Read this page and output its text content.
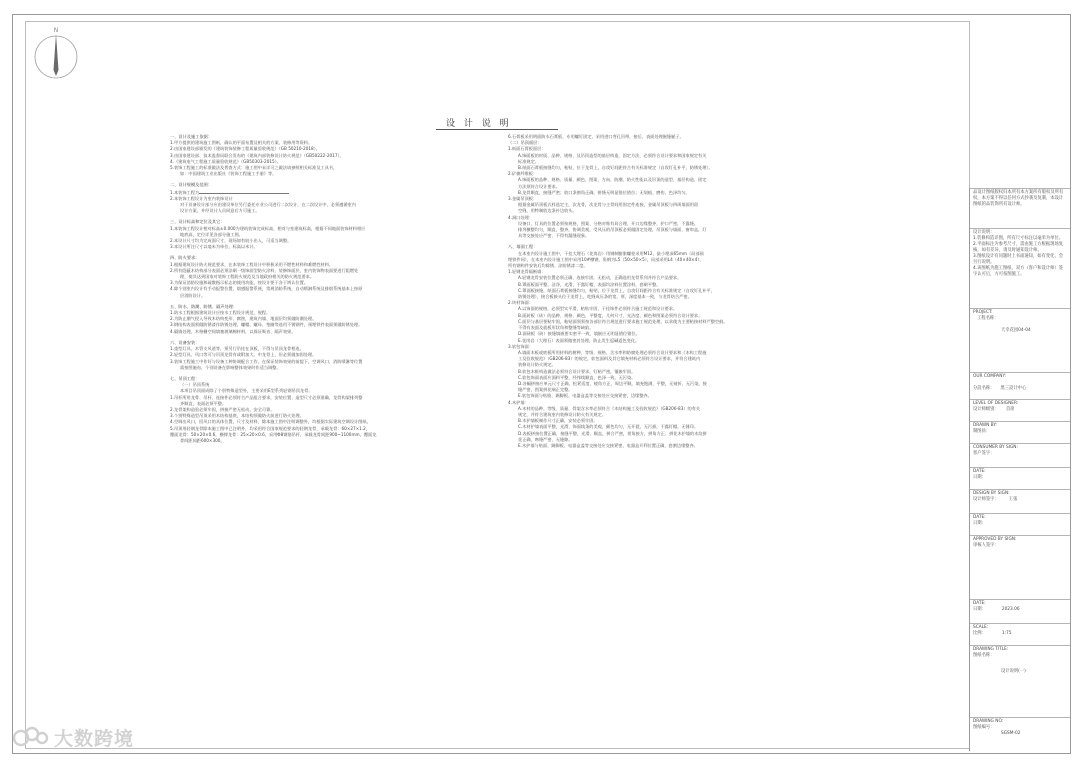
N
设 计 说 明
一、设计及施工依据：
1.甲方提供的建筑施工图纸，确认的平面布置及相关的方案、装修用等资料。
2.由国家建设部颁发的《建筑装饰装修工程质量验收规范》（GB 50210-2018）。
3.由国家建设部、技术监督局联合发布的《建筑内部装修设计防火规范》（GB50222-2017）。
4.《建筑电气工程施工质量验收规范》（GB50303-2015）。
5.装饰工程施工的标准做法及普查方式：施工图中未详可之做法请参照相关标准及工具书，
如：中国建筑工业出版社《装饰工程施工手册》等。
二、设计规模及范围：
1.本装饰工程为
2.本装饰工程设计为室内装饰设计
对于设备设计部分应由建设单位另行委托专业公司进行二次设计，在二次设计中，必须遵循室内
设计方案，并经设计人员同意后方可施工。
三、设计标高和定位及其它：
1.本装饰工程设计相对标高±0.000为建筑装饰完成标高，相对与室建筑标高，根据不同地面装饰材料相应
地底高，定位详见各部分施工图。
2.本设计尺寸均为完成面尺寸，现场如有较小出入，可适当调整。
3.本设计所注尺寸以毫米为单位，标高以米计。
四、防火要求：
1.根据建筑设计防火规范要求，在本装饰工程设计中积极采用不燃性材料和难燃性材料。
2.所有隐蔽木结构部分表面必须涂刷一级饰面型防火涂料，装修饰面层，室内装饰物表面要进行阻燃处
理，使其达到国家对装饰工程防火规范及当地政府相关的防火规范要求。
3.为保证消防设施和疏散指示标志的使用功能，按设计要于各于辨认位置。
4.除个别室内设计有手动报警位置，烟感报警系统，常规消防系统，自动喷淋系统及排烟系统基本上按原
层消防设计。
五、防水、防潮、防锈、隔声处理：
1.防水工程根据建筑设计应按水工程设计规范、规程。
2.为防止潮气侵入导致木结构变形、腐蚀，建筑内墙、地面层均须做防潮处理。
3.钢结构表面须做防锈漆作防锈处理，螺帽、螺母、垫圈等选用不锈钢件，预埋铁件表面须做防锈处理。
4.隔墙处理，木格栅空间填塞玻璃棉材料，以保证吸音、隔声效果。
六、设备安装：
1.重型灯具、木管支风道等，须另行吊挂在顶板，不得与吊顶龙骨相连。
2.轻型灯具、风口等可与吊顶龙骨有或附加大、中龙骨上，但必须做加固处理。
3.装饰工程施工中作好与设备工种协调配合工作，在保证装饰效果的前提下，空调风口、消防喷淋等位置
需按图施布，个别设备在影响整体效果时作适当调整。
七、吊顶工程：
（一）吊顶系统
本项目吊顶面成除了个别特殊造型外，主要采用E型系列轻钢吊顶龙骨。
1.吊杆所用龙骨、吊杆、连接件必须符合产品组合要求，安装位置、造型尺寸必须准确，龙骨构架排列整
齐顺直，表面必须平整。
2.龙骨架构造验必须牢固，拼接严密无松动，安全可靠。
3.个别特殊造型吊顶采用木结构基底，本结构须做防火前进行防火处理。
4.空调出风口，回风口的具体位置、尺寸及材料，除本施工图中注明调整外，均根据实际建筑空调设计图纸。
5.吊顶用轻钢龙骨除本施工图中已注明外，均采用符合国家规范要求的轻钢龙骨，承载龙骨：60×27×1.2，
覆面龙骨：50×20×0.6，横撑龙骨：25×20×0.6，采用Φ8钢筋吊杆，承载龙骨间距900~1100mm，覆面龙
骨间距间距600×300。
6.石膏板采用明面防水石膏板，专用螺钉固定，采用进口弯孔吊带，接后，表面处理嵌缝腻子。
（二）吊顶面层：
1.纸面石膏板面层：
A.饰面板的材质、品种、规格、及吊顶造型的基层构造，固定方法，必须符合设计要求和国家规定有关
标准规定。
B.纸面石膏板接缝均匀，粘贴，位于龙骨上，自攻钉间距符合有关标准规定（自攻钉孔补平，防锈处理）。
2.矿棉纤维板：
A.饰面板的品种、规格、质量、颜色、图案、方向、防潮、防火性能以及吊顶的造型、基层构造，固定
方法须符合设计要求。
B.龙骨顺直，接缝严密；收口条割角正确，拼缝无明显错位错位；无划痕、磨伤、色泽均匀。
3.金属吊顶板：
根据金属吊顶板式样选定主，次龙骨，次龙骨与主骨间用固定件连接，金属吊顶板与四周墙面用留
空缝，用特制收边条补边收头。
4.洞口处理：
设备口，灯具的位置必须按规格，图案、分格对称有局合理，开口边缘整齐，护口严密，不露缝。
排列横整均匀，顺直，整齐，协调美观，受风压的吊顶板必须做固定处理，吊顶板与墙面、窗帘盒，灯
具等交接处应严密，不得有漏缝现象。
八、墙面工程：
在本室内设计施工图中，干挂大理石（花岗岩）用钢制膨胀螺栓采用M12，最小埋深65mm（局部预
埋铁件同），在本室内设计施工图中采用10#槽钢，角钢为L5（50×50×5），局部采用L4（40×40×4），
所有钢构件安装后均除锈、涂防锈漆二度。
1.轻钢龙骨隔断墙：
A.轻钢龙骨安装位置必须正确，连接牢固，无松动，正确选用龙骨系列并符合产品要求。
B.罩面板面平整，洁净，光滑，不露钉帽，表面均涂料位置涂料，套刷平整。
C.罩面板接缝，纸面石膏板接缝均匀，粘贴，位于龙骨上，自攻钉间距符合有关标准规定（自攻钉孔补平，
防锈处理），接合板接头位于龙骨上，吃缝成压条的宽，厚，深度基本一致，与龙骨结合严密。
2.块材饰面：
A.以饰面的规格，必须型实平滑，粘贴牢固，干挂饰件必须符合施工规范和设计要求。
B.面砖板（砖）的品种、规格、颜色，平整度，几何尺寸，光洁度，颜色和图案必须符合设计要求。
C.面层与基层要粘牢固，粘贴面须须按各部位符合规范进行要求施工规范处理，以求使为主要粘接材料严整空鼓。
不得有表面及就板形状角和整缝等缺陷。
D.面砖板（砖）接缝填嵌要实密平一致，填嵌应无明显错位错位。
E.花岗岩（大理石）表面须做密封处理，防止发生返碱返色变化。
3.软包饰面：
A.墙面木板或底板所用材料的树种、等级、规格、含水率和防腐处理必须符合设计要求和《木构工程施
工及验收规范》（GB206-83）的规定，软包面料及其它填充材料必须符合设计要求，并符合建筑内
装修设计防火规定。
B.软包木框构造做法必须符合设计要求，钉粘严密，镶嵌牢固。
C.软包饰面表面应面料平整，经纬线顺直，色泽一致，无污染。
D.各幅拼接应单元尺寸正确，松紧适度，棱角方正，周边平顺，填充饱满，平整，无皱折，无污染，接
缝严密，图案拼花端正完整。
E.软包饰面与贴脸、踢脚板、电器盒盖等交接处应交接紧密，边缘整齐。
4.木护墙：
A.木材的品种、等级、质量、骨架含水率必须符合《木结构施工及验收规范》（GB206-83）的有关
规定，并符合建筑室内装修设计防火有关规定。
B.木护墙板制作尺寸正确，安装必须牢固。
C.木材护墙表面平整，光滑、饰面线条的美观，颜色均匀，无开裂，无污损，不露钉帽，无锤印。
D.表板拼接位置正确，接缝平整，光滑，顺直，拼合严密，拐角接方，拼角方正；拼花木护墙的木纹拼
花正确，吻缝严密，无缝隙。
E.木护墙与贴面、踢脚板、电器盒盖等交接处应交接紧密，电器盒开利位置正确，套割边缘整齐。
品设计图纸版权归本所有本方案所有版权及所有权，本方案不得以任何方式抄袭及复制，本设计图纸的品装饰所有设计师。
设计说明：
1.装修构造详图，所有尺寸标注以毫米为单位。
2.平面标注为参考尺寸，需由施工方根据现场复核，如有差异，请及时通知设计师。
3.图纸设计有问题时上书面通知，如有变化，会另行说明。
4.该图纸为施工图纸，双方（客户和设计师）签字认可后，方可按图施工。
PROJECT:
工程名称：
天幸花园04-04
OUR COMPANY:
分設名称： 黑三設计中心
LEVEL OF DESIGNER:
设计师级别： 首席
DRAWN BY:
制图員：
CONSUMER BY SIGN:
客户签字：
DATE:
日期：
DESIGN BY SIGN:
设计师签字： 王張
DATE:
日期：
APPROVED BY SIGN:
审核人签字：
DATE:
日期：	2023.06
SCALE:
比例：	1:75
DRAWING TITLE:
图纸名称：
设计说明(一)
DRAWING NO:
图纸编号：
SGSM-02
大数跨境
